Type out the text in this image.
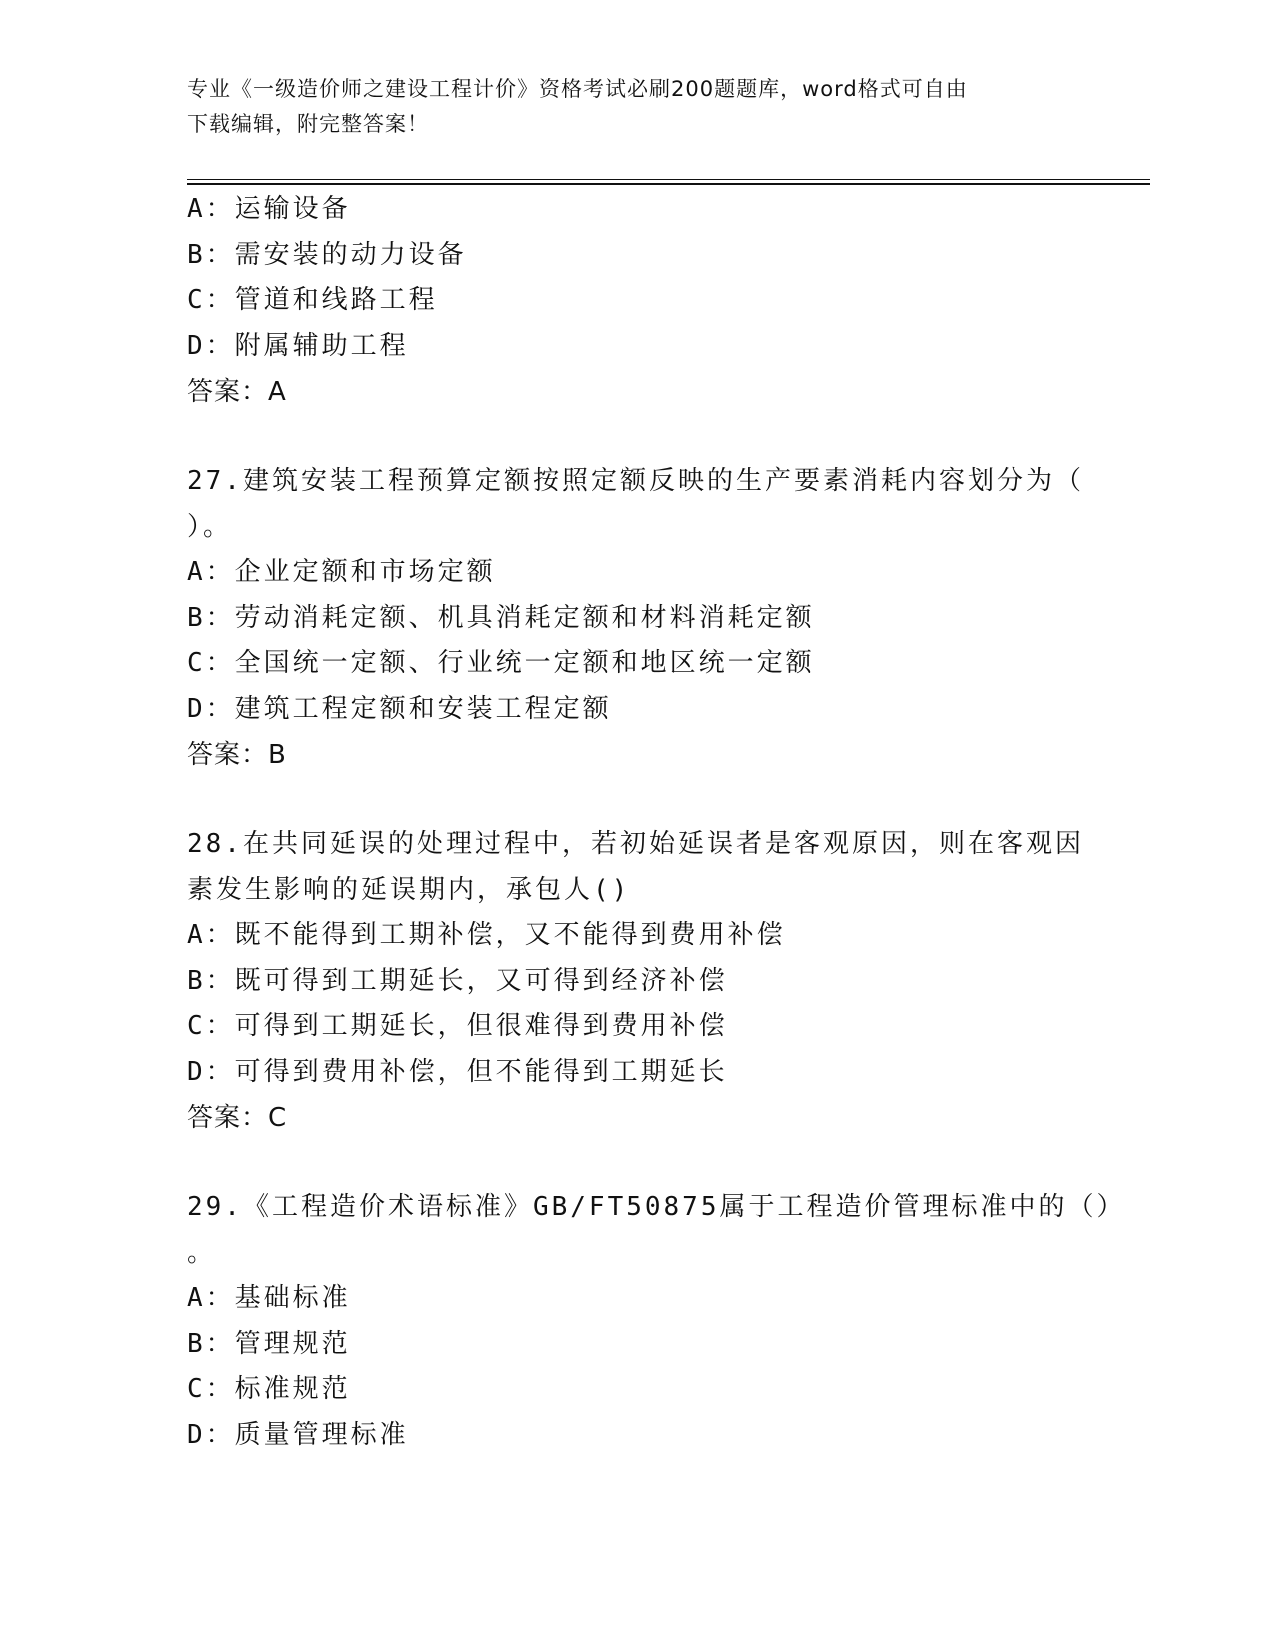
专业《一级造价师之建设工程计价》资格考试必刷200题题库，word格式可自由
下载编辑，附完整答案！
A：运输设备
B：需安装的动力设备
C：管道和线路工程
D：附属辅助工程
答案：A
27.建筑安装工程预算定额按照定额反映的生产要素消耗内容划分为（
）。
A：企业定额和市场定额
B：劳动消耗定额、机具消耗定额和材料消耗定额
C：全国统一定额、行业统一定额和地区统一定额
D：建筑工程定额和安装工程定额
答案：B
28.在共同延误的处理过程中，若初始延误者是客观原因，则在客观因
素发生影响的延误期内，承包人()
A：既不能得到工期补偿，又不能得到费用补偿
B：既可得到工期延长，又可得到经济补偿
C：可得到工期延长，但很难得到费用补偿
D：可得到费用补偿，但不能得到工期延长
答案：C
29.《工程造价术语标准》GB/FT50875属于工程造价管理标准中的（）
。
A：基础标准
B：管理规范
C：标准规范
D：质量管理标准
